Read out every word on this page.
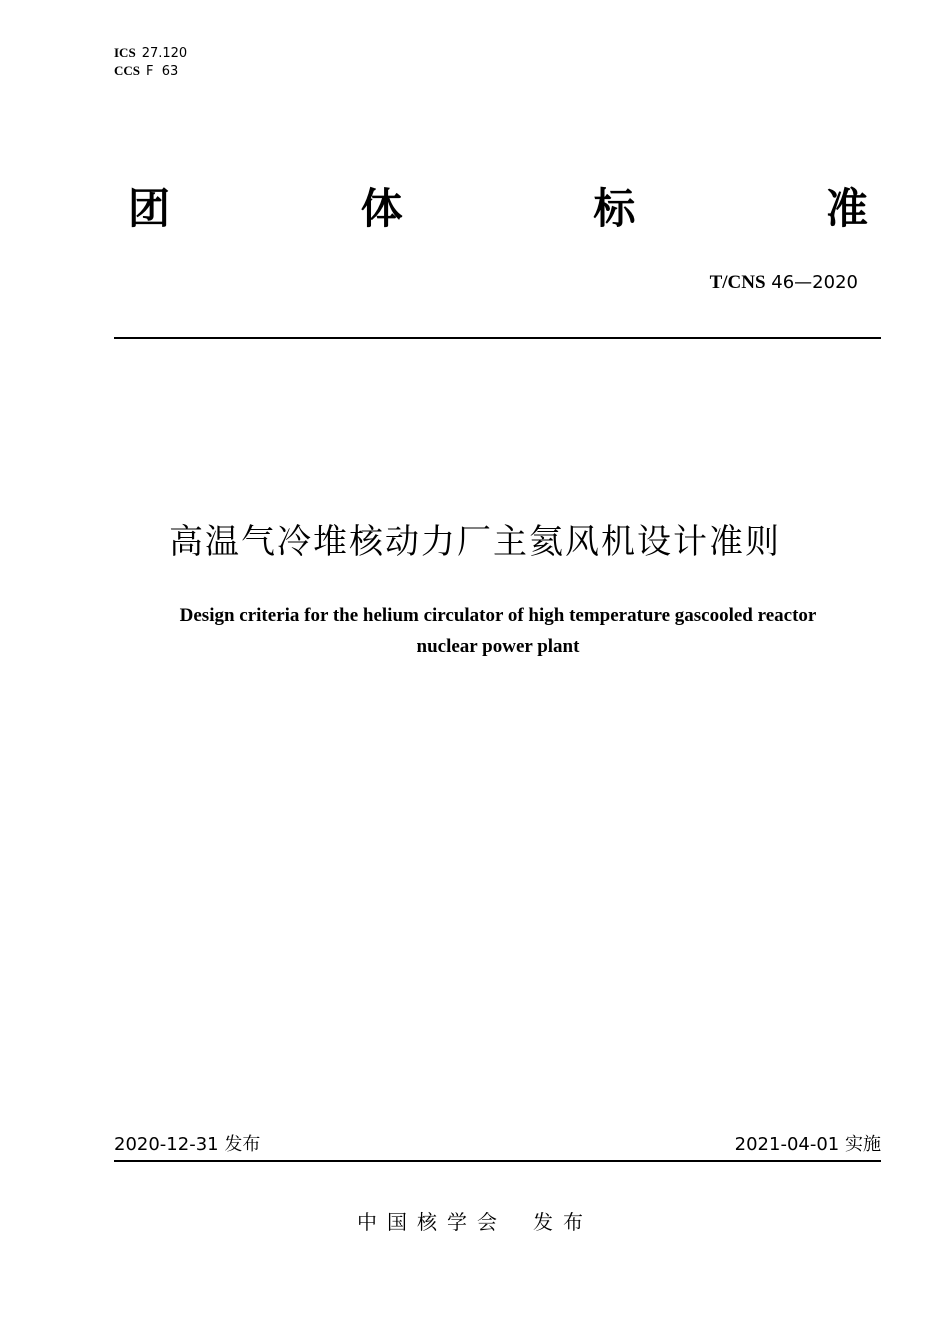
ICS 27.120
CCS F  63
团	体	标	准
T/CNS 46—2020
高温气冷堆核动力厂主氦风机设计准则
Design criteria for the helium circulator of high temperature gascooled reactor
nuclear power plant
2020-12-31 发布	2021-04-01 实施
中国核学会 发布
